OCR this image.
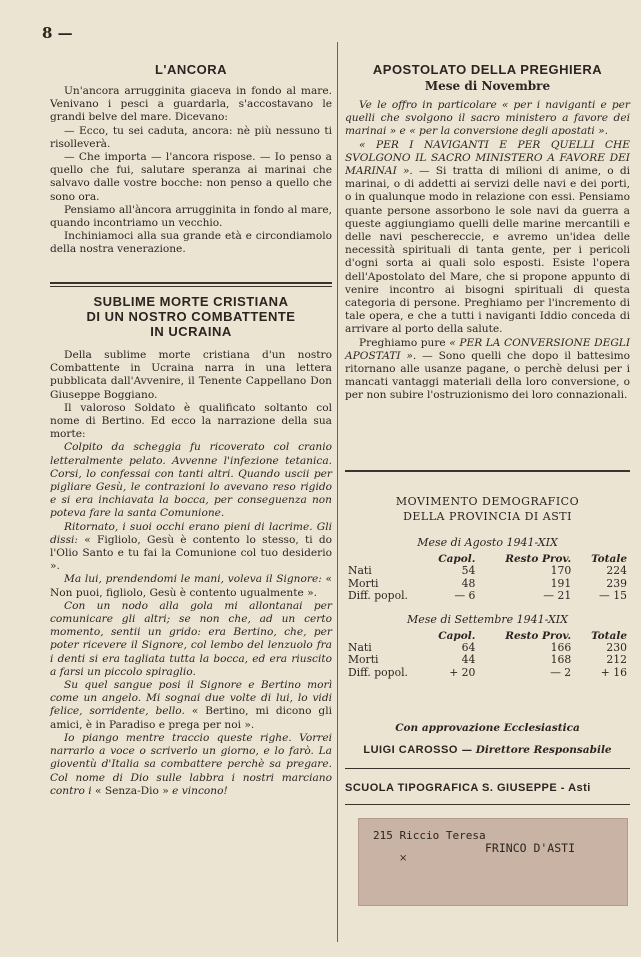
8 —
L'ANCORA

Un'ancora arrugginita giaceva in fondo al mare. Venivano i pesci a guardarla, s'accostavano le grandi belve del mare. Dicevano:

— Ecco, tu sei caduta, ancora: nè più nessuno ti risolleverà.

— Che importa — l'ancora rispose. — Io penso a quello che fui, salutare speranza ai marinai che salvavo dalle vostre bocche: non penso a quello che sono ora.

Pensiamo all'àncora arrugginita in fondo al mare, quando incontriamo un vecchio.

Inchiniamoci alla sua grande età e circondiamolo della nostra venerazione.

SUBLIME MORTE CRISTIANA
DI UN NOSTRO COMBATTENTE
IN UCRAINA

Della sublime morte cristiana d'un nostro Combattente in Ucraina narra in una lettera pubblicata dall'Avvenire, il Tenente Cappellano Don Giuseppe Boggiano.

Il valoroso Soldato è qualificato soltanto col nome di Bertino. Ed ecco la narrazione della sua morte:

Colpito da scheggia fu ricoverato col cranio letteralmente pelato. Avvenne l'infezione tetanica. Corsi, lo confessai con tanti altri. Quando uscii per pigliare Gesù, le contrazioni lo avevano reso rigido e si era inchiavata la bocca, per conseguenza non poteva fare la santa Comunione.

Ritornato, i suoi occhi erano pieni di lacrime. Gli dissi: « Figliolo, Gesù è contento lo stesso, ti do l'Olio Santo e tu fai la Comunione col tuo desiderio ».

Ma lui, prendendomi le mani, voleva il Signore: « Non puoi, figliolo, Gesù è contento ugualmente ».

Con un nodo alla gola mi allontanai per comunicare gli altri; se non che, ad un certo momento, sentii un grido: era Bertino, che, per poter ricevere il Signore, col lembo del lenzuolo fra i denti si era tagliata tutta la bocca, ed era riuscito a farsi un piccolo spiraglio.

Su quel sangue posi il Signore e Bertino morì come un angelo. Mi sognai due volte di lui, lo vidi felice, sorridente, bello. « Bertino, mi dicono gli amici, è in Paradiso e prega per noi ».

Io piango mentre traccio queste righe. Vorrei narrarlo a voce o scriverlo un giorno, e lo farò. La gioventù d'Italia sa combattere perchè sa pregare. Col nome di Dio sulle labbra i nostri marciano contro i « Senza-Dio » e vincono!

APOSTOLATO DELLA PREGHIERA
Mese di Novembre

Ve le offro in particolare « per i naviganti e per quelli che svolgono il sacro ministero a favore dei marinai » e « per la conversione degli apostati ».

« PER I NAVIGANTI E PER QUELLI CHE SVOLGONO IL SACRO MINISTERO A FAVORE DEI MARINAI ». — Si tratta di milioni di anime, o di marinai, o di addetti ai servizi delle navi e dei porti, o in qualunque modo in relazione con essi. Pensiamo quante persone assorbono le sole navi da guerra a queste aggiungiamo quelli delle marine mercantili e delle navi peschereccie, e avremo un'idea delle necessità spirituali di tanta gente, per i pericoli d'ogni sorta ai quali solo esposti. Esiste l'opera dell'Apostolato del Mare, che si propone appunto di venire incontro ai bisogni spirituali di questa categoria di persone. Preghiamo per l'incremento di tale opera, e che a tutti i naviganti Iddio conceda di arrivare al porto della salute.

Preghiamo pure « PER LA CONVERSIONE DEGLI APOSTATI ». — Sono quelli che dopo il battesimo ritornano alle usanze pagane, o perchè delusi per i mancati vantaggi materiali della loro conversione, o per non subire l'ostruzionismo dei loro connazionali.

MOVIMENTO DEMOGRAFICO
DELLA PROVINCIA DI ASTI
Mese di Agosto 1941-XIX
	Capol.	Resto Prov.	Totale
Nati	54	170	224
Morti	48	191	239
Diff. popol.	— 6	— 21	— 15
Mese di Settembre 1941-XIX
	Capol.	Resto Prov.	Totale
Nati	64	166	230
Morti	44	168	212
Diff. popol.	+ 20	— 2	+ 16

Con approvazione Ecclesiastica

LUIGI CAROSSO — Direttore Responsabile

SCUOLA TIPOGRAFICA S. GIUSEPPE - Asti
215 Riccio Teresa
FRINCO D'ASTI
×
